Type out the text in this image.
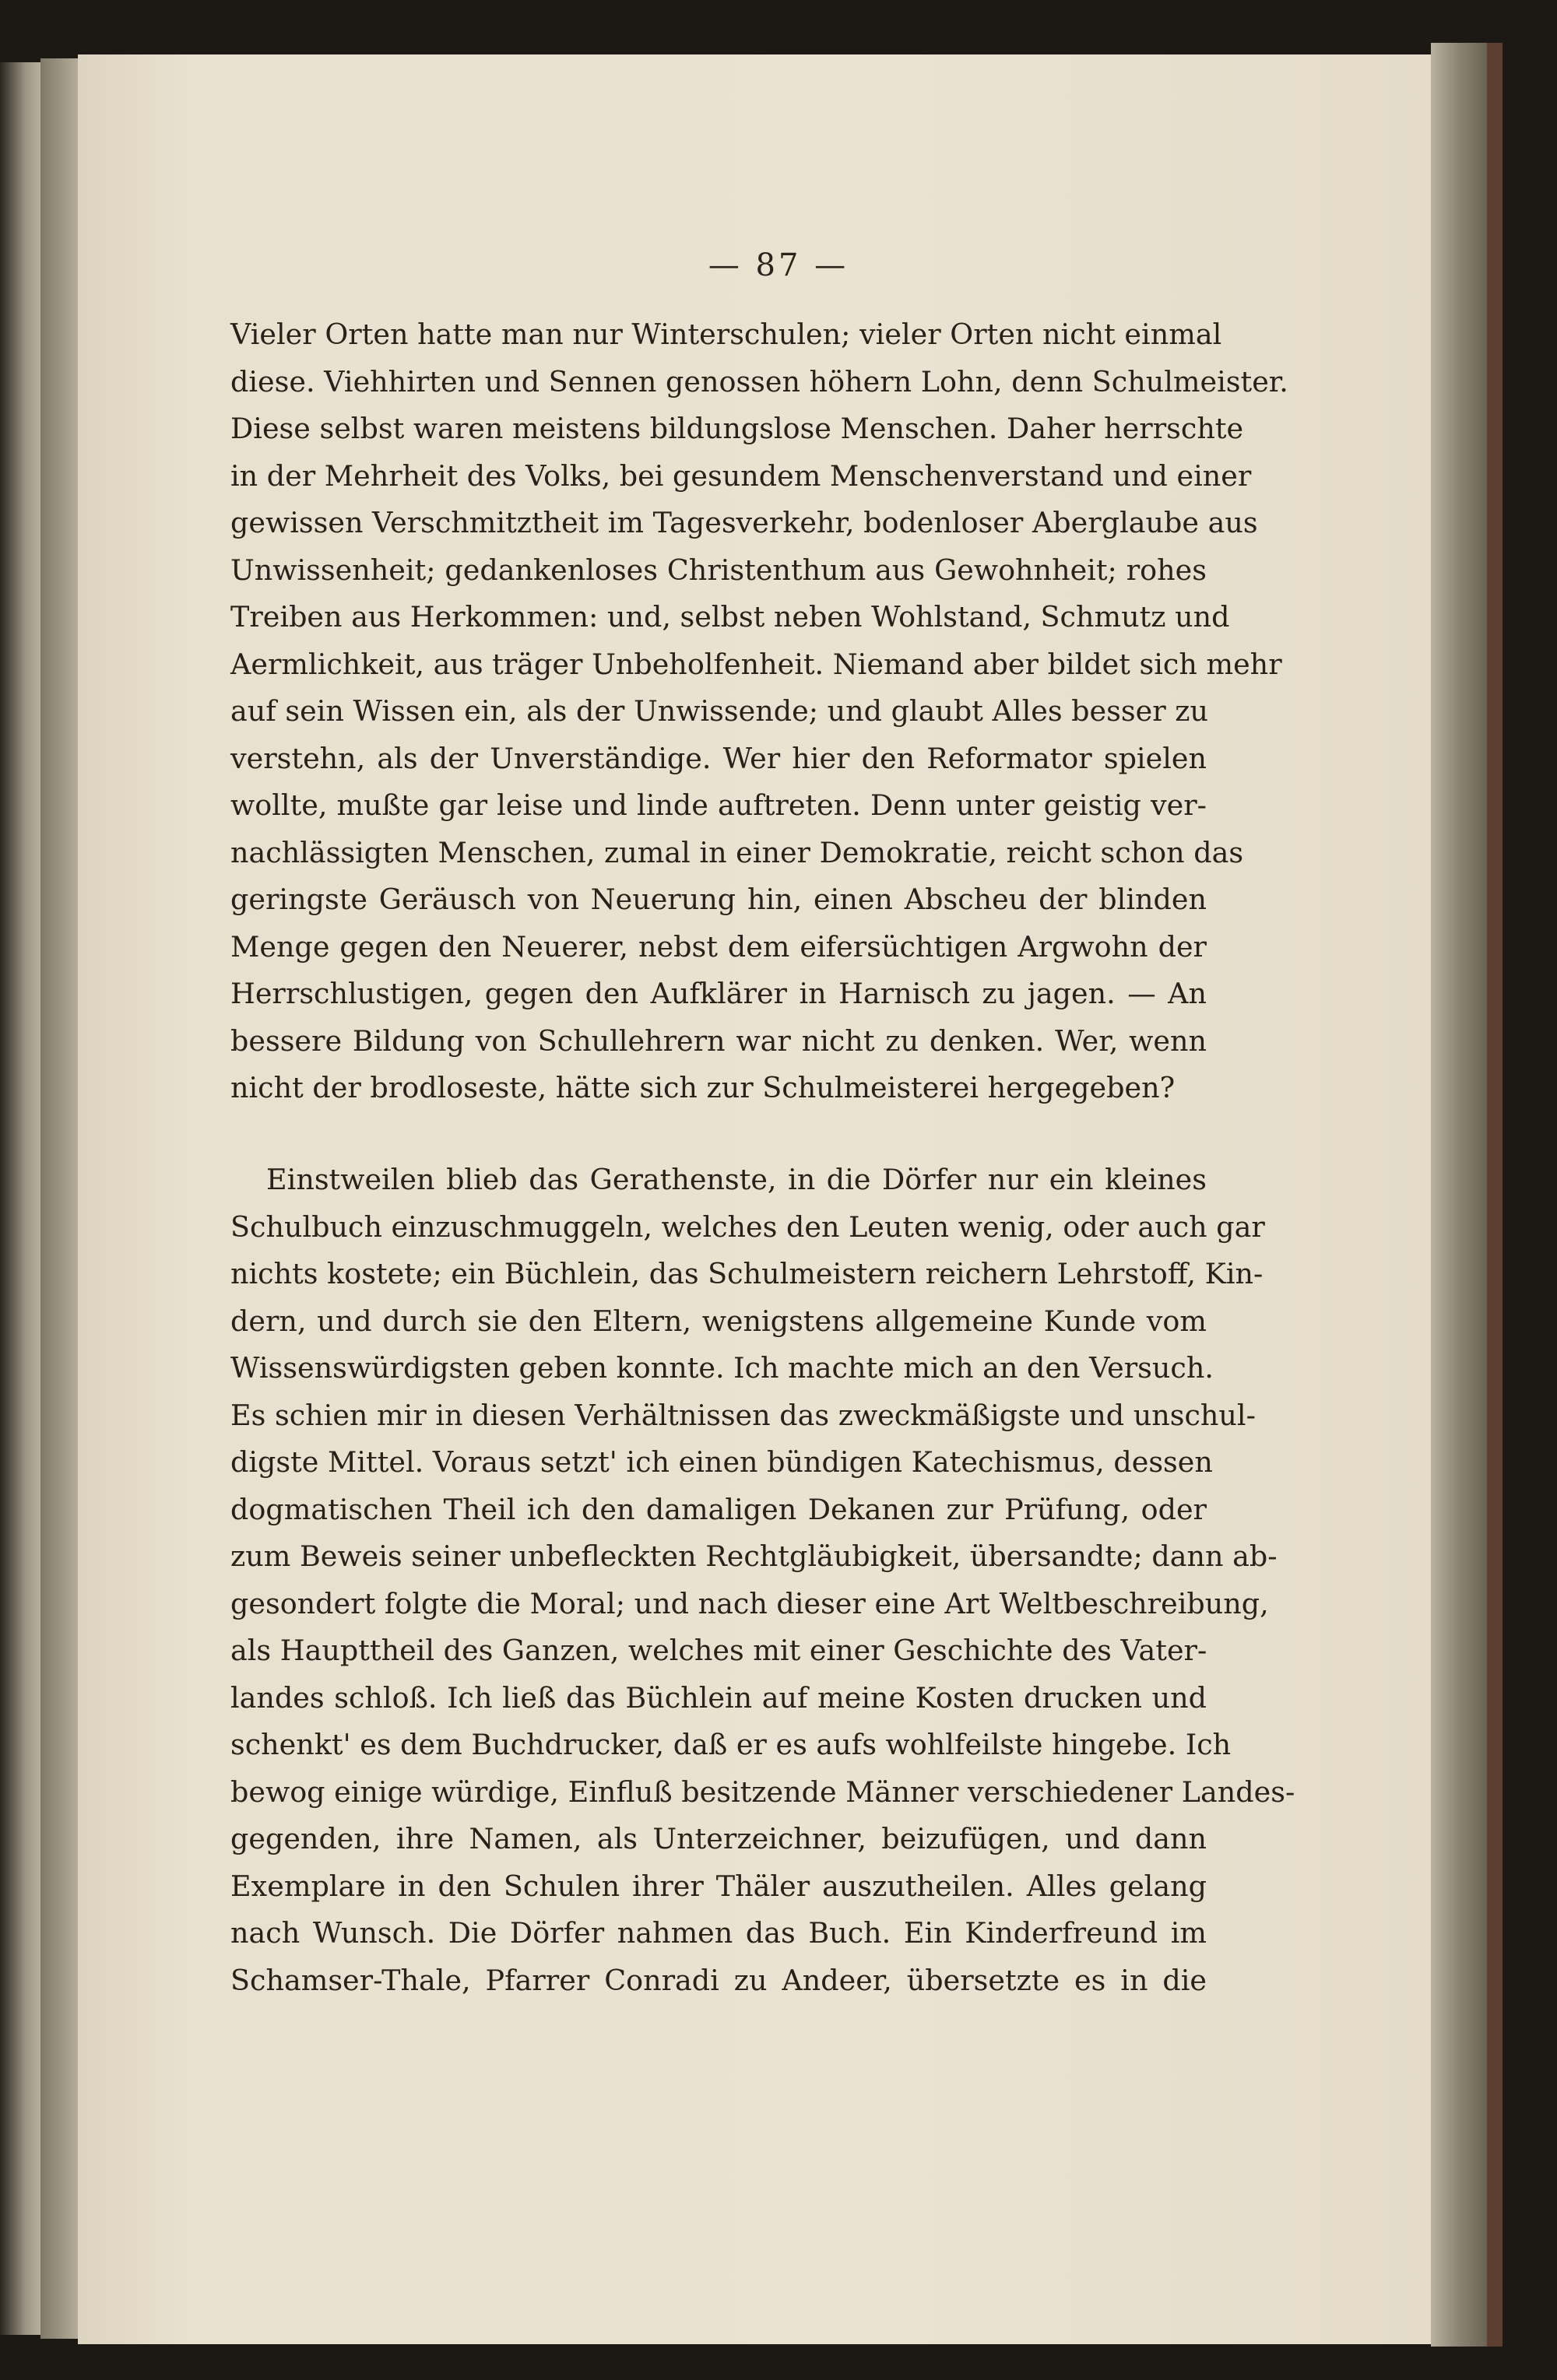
— 87 —
Vieler Orten hatte man nur Winterschulen; vieler Orten nicht einmal
diese. Viehhirten und Sennen genossen höhern Lohn, denn Schulmeister.
Diese selbst waren meistens bildungslose Menschen. Daher herrschte
in der Mehrheit des Volks, bei gesundem Menschenverstand und einer
gewissen Verschmitztheit im Tagesverkehr, bodenloser Aberglaube aus
Unwissenheit; gedankenloses Christenthum aus Gewohnheit; rohes
Treiben aus Herkommen: und, selbst neben Wohlstand, Schmutz und
Aermlichkeit, aus träger Unbeholfenheit. Niemand aber bildet sich mehr
auf sein Wissen ein, als der Unwissende; und glaubt Alles besser zu
verstehn, als der Unverständige. Wer hier den Reformator spielen
wollte, mußte gar leise und linde auftreten. Denn unter geistig ver-
nachlässigten Menschen, zumal in einer Demokratie, reicht schon das
geringste Geräusch von Neuerung hin, einen Abscheu der blinden
Menge gegen den Neuerer, nebst dem eifersüchtigen Argwohn der
Herrschlustigen, gegen den Aufklärer in Harnisch zu jagen. — An
bessere Bildung von Schullehrern war nicht zu denken. Wer, wenn
nicht der brodloseste, hätte sich zur Schulmeisterei hergegeben?
Einstweilen blieb das Gerathenste, in die Dörfer nur ein kleines
Schulbuch einzuschmuggeln, welches den Leuten wenig, oder auch gar
nichts kostete; ein Büchlein, das Schulmeistern reichern Lehrstoff, Kin-
dern, und durch sie den Eltern, wenigstens allgemeine Kunde vom
Wissenswürdigsten geben konnte. Ich machte mich an den Versuch.
Es schien mir in diesen Verhältnissen das zweckmäßigste und unschul-
digste Mittel. Voraus setzt' ich einen bündigen Katechismus, dessen
dogmatischen Theil ich den damaligen Dekanen zur Prüfung, oder
zum Beweis seiner unbefleckten Rechtgläubigkeit, übersandte; dann ab-
gesondert folgte die Moral; und nach dieser eine Art Weltbeschreibung,
als Haupttheil des Ganzen, welches mit einer Geschichte des Vater-
landes schloß. Ich ließ das Büchlein auf meine Kosten drucken und
schenkt' es dem Buchdrucker, daß er es aufs wohlfeilste hingebe. Ich
bewog einige würdige, Einfluß besitzende Männer verschiedener Landes-
gegenden, ihre Namen, als Unterzeichner, beizufügen, und dann
Exemplare in den Schulen ihrer Thäler auszutheilen. Alles gelang
nach Wunsch. Die Dörfer nahmen das Buch. Ein Kinderfreund im
Schamser-Thale, Pfarrer Conradi zu Andeer, übersetzte es in die
